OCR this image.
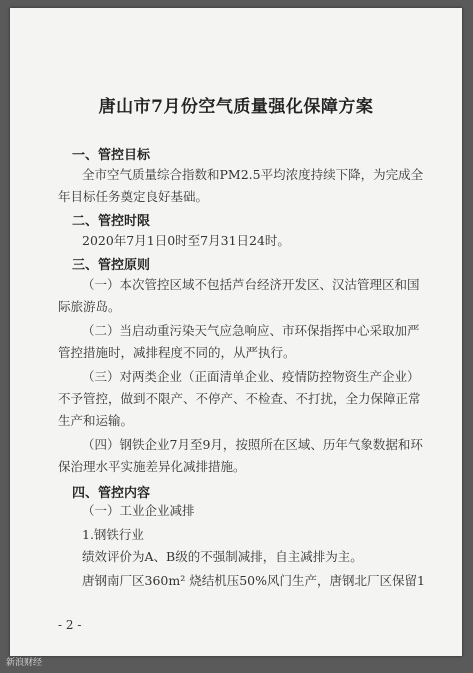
唐山市7月份空气质量强化保障方案
一、管控目标
全市空气质量综合指数和PM2.5平均浓度持续下降，为完成全年目标任务奠定良好基础。
二、管控时限
2020年7月1日0时至7月31日24时。
三、管控原则
（一）本次管控区域不包括芦台经济开发区、汉沽管理区和国际旅游岛。
（二）当启动重污染天气应急响应、市环保指挥中心采取加严管控措施时，减排程度不同的，从严执行。
（三）对两类企业（正面清单企业、疫情防控物资生产企业）不予管控，做到不限产、不停产、不检查、不打扰，全力保障正常生产和运输。
（四）钢铁企业7月至9月，按照所在区域、历年气象数据和环保治理水平实施差异化减排措施。
四、管控内容
（一）工业企业减排
1.钢铁行业
绩效评价为A、B级的不强制减排，自主减排为主。
唐钢南厂区360m² 烧结机压50%风门生产，唐钢北厂区保留1
- 2 -
新浪财经
